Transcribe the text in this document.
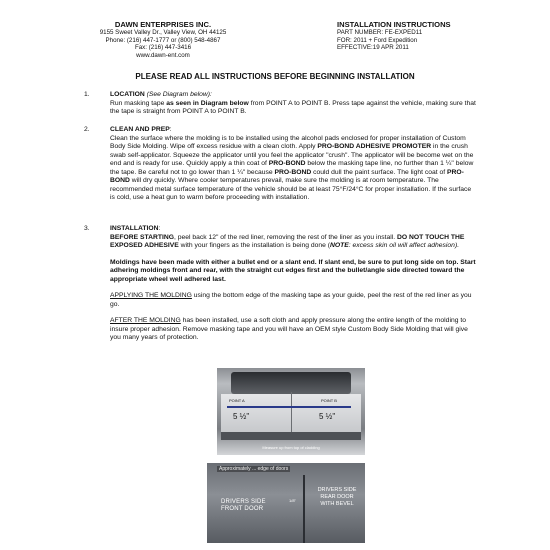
DAWN ENTERPRISES INC.
9155 Sweet Valley Dr., Valley View, OH 44125
Phone: (216) 447-1777 or (800) 548-4867
Fax: (216) 447-3416
www.dawn-ent.com
INSTALLATION INSTRUCTIONS
PART NUMBER: FE-EXPED11
FOR: 2011 + Ford Expedition
EFFECTIVE:19 APR 2011
PLEASE READ ALL INSTRUCTIONS BEFORE BEGINNING INSTALLATION
1.	LOCATION (See Diagram below):

Run masking tape as seen in Diagram below from POINT A to POINT B. Press tape against the vehicle, making sure that the tape is straight from POINT A to POINT B.

2.	CLEAN AND PREP:

Clean the surface where the molding is to be installed using the alcohol pads enclosed for proper installation of Custom Body Side Molding. Wipe off excess residue with a clean cloth. Apply PRO-BOND ADHESIVE PROMOTER in the crush swab self-applicator. Squeeze the applicator until you feel the applicator "crush". The applicator will be become wet on the end and is ready for use. Quickly apply a thin coat of PRO-BOND below the masking tape line, no further than 1 ¼" below the tape. Be careful not to go lower than 1 ¼" because PRO-BOND could dull the paint surface. The light coat of PRO-BOND will dry quickly. Where cooler temperatures prevail, make sure the molding is at room temperature. The recommended metal surface temperature of the vehicle should be at least 75°F/24°C for proper installation. If the surface is cold, use a heat gun to warm before proceeding with installation.

3.	INSTALLATION:

BEFORE STARTING, peel back 12" of the red liner, removing the rest of the liner as you install. DO NOT TOUCH THE EXPOSED ADHESIVE with your fingers as the installation is being done (NOTE: excess skin oil will affect adhesion).

Moldings have been made with either a bullet end or a slant end. If slant end, be sure to put long side on top. Start adhering moldings front and rear, with the straight cut edges first and the bullet/angle side directed toward the appropriate wheel well adhered last.

APPLYING THE MOLDING using the bottom edge of the masking tape as your guide, peel the rest of the red liner as you go.

AFTER THE MOLDING has been installed, use a soft cloth and apply pressure along the entire length of the molding to insure proper adhesion. Remove masking tape and you will have an OEM style Custom Body Side Molding that will give you many years of protection.

POINT A	POINT B
5 ½"	5 ½"
Measure up from top of cladding
Approximately ... edge of doors
DRIVERS SIDE
FRONT DOOR
1/8"
DRIVERS SIDE
REAR DOOR
WITH BEVEL
